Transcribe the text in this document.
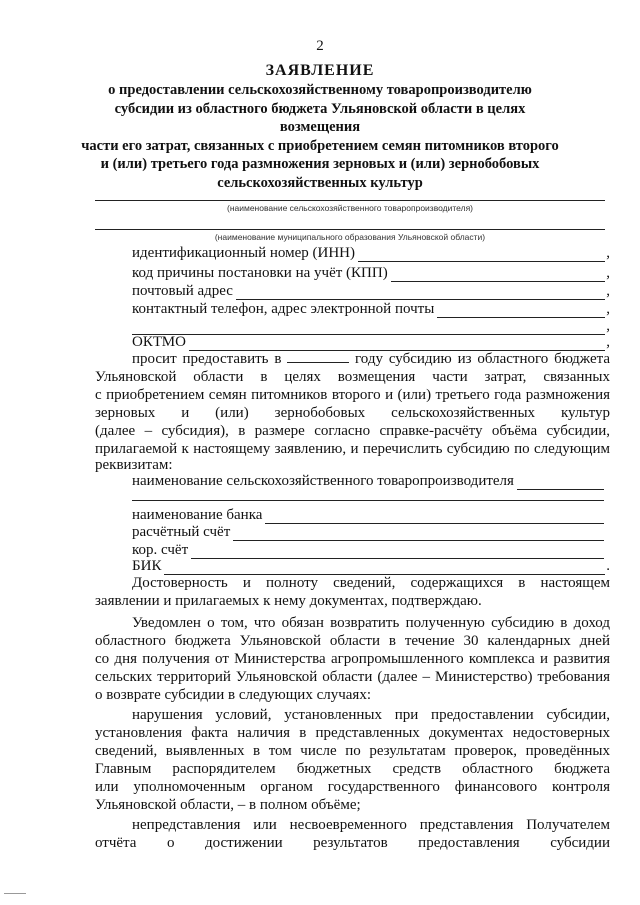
2
ЗАЯВЛЕНИЕ
о предоставлении сельскохозяйственному товаропроизводителю
субсидии из областного бюджета Ульяновской области в целях возмещения
части его затрат, связанных с приобретением семян питомников второго
и (или) третьего года размножения зерновых и (или) зернобобовых
сельскохозяйственных культур
(наименование сельскохозяйственного товаропроизводителя)
(наименование муниципального образования Ульяновской области)
идентификационный номер (ИНН)	,
код причины постановки на учёт (КПП)	,
почтовый адрес	,
контактный телефон, адрес электронной почты	,
,
ОКТМО	,
просит предоставить в	году субсидию из областного бюджета
Ульяновской области в целях возмещения части затрат, связанных
с приобретением семян питомников второго и (или) третьего года размножения
зерновых и (или) зернобобовых сельскохозяйственных культур
(далее – субсидия), в размере согласно справке-расчёту объёма субсидии,
прилагаемой к настоящему заявлению, и перечислить субсидию по следующим
реквизитам:
наименование сельскохозяйственного товаропроизводителя
наименование банка
расчётный счёт
кор. счёт
БИК	.
Достоверность и полноту сведений, содержащихся в настоящем
заявлении и прилагаемых к нему документах, подтверждаю.
Уведомлен о том, что обязан возвратить полученную субсидию в доход
областного бюджета Ульяновской области в течение 30 календарных дней
со дня получения от Министерства агропромышленного комплекса и развития
сельских территорий Ульяновской области (далее – Министерство) требования
о возврате субсидии в следующих случаях:
нарушения условий, установленных при предоставлении субсидии,
установления факта наличия в представленных документах недостоверных
сведений, выявленных в том числе по результатам проверок, проведённых
Главным распорядителем бюджетных средств областного бюджета
или уполномоченным органом государственного финансового контроля
Ульяновской области, – в полном объёме;
непредставления или несвоевременного представления Получателем
отчёта о достижении результатов предоставления субсидии
